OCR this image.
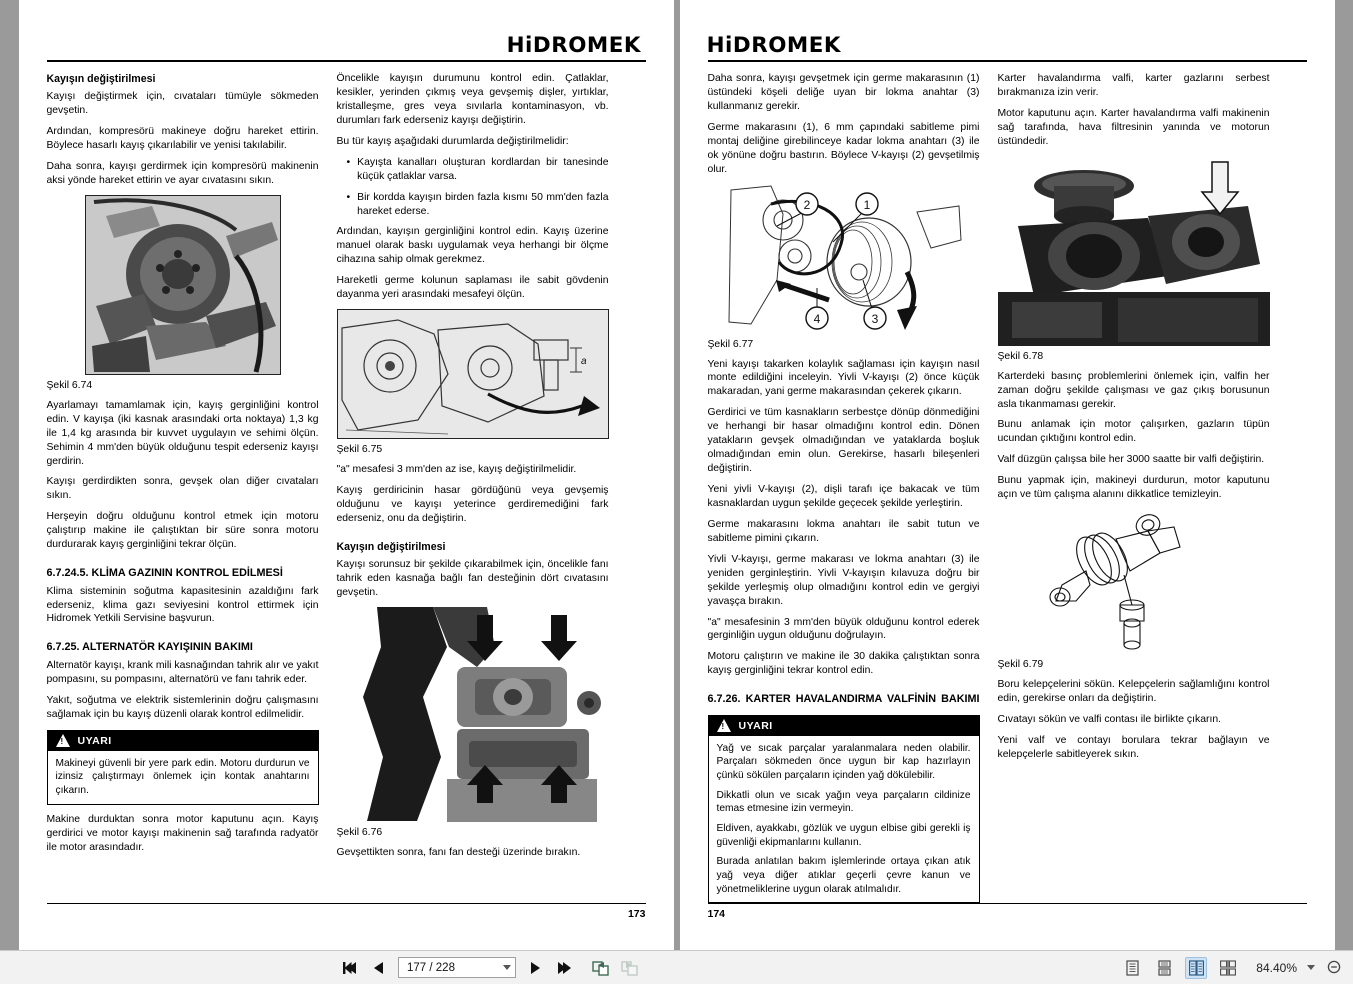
HiDROMEK
Kayışın değiştirilmesi

Kayışı değiştirmek için, cıvataları tümüyle sökmeden gevşetin.

Ardından, kompresörü makineye doğru hareket ettirin. Böylece hasarlı kayış çıkarılabilir ve yenisi takılabilir.

Daha sonra, kayışı gerdirmek için kompresörü makinenin aksi yönde hareket ettirin ve ayar cıvatasını sıkın.

Şekil 6.74

Ayarlamayı tamamlamak için, kayış gerginliğini kontrol edin. V kayışa (iki kasnak arasındaki orta noktaya) 1,3 kg ile 1,4 kg arasında bir kuvvet uygulayın ve sehimi ölçün. Sehimin 4 mm'den büyük olduğunu tespit ederseniz kayışı gerdirin.

Kayışı gerdirdikten sonra, gevşek olan diğer cıvataları sıkın.

Herşeyin doğru olduğunu kontrol etmek için motoru çalıştırıp makine ile çalıştıktan bir süre sonra motoru durdurarak kayış gerginliğini tekrar ölçün.

6.7.24.5. KLİMA GAZININ KONTROL EDİLMESİ

Klima sisteminin soğutma kapasitesinin azaldığını fark ederseniz, klima gazı seviyesini kontrol ettirmek için Hidromek Yetkili Servisine başvurun.

6.7.25. ALTERNATÖR KAYIŞININ BAKIMI

Alternatör kayışı, krank mili kasnağından tahrik alır ve yakıt pompasını, su pompasını, alternatörü ve fanı tahrik eder.

Yakıt, soğutma ve elektrik sistemlerinin doğru çalışmasını sağlamak için bu kayış düzenli olarak kontrol edilmelidir.

!
UYARI

Makineyi güvenli bir yere park edin. Motoru durdurun ve izinsiz çalıştırmayı önlemek için kontak anahtarını çıkarın.

Makine durduktan sonra motor kaputunu açın. Kayış gerdirici ve motor kayışı makinenin sağ tarafında radyatör ile motor arasındadır.

Öncelikle kayışın durumunu kontrol edin. Çatlaklar, kesikler, yerinden çıkmış veya gevşemiş dişler, yırtıklar, kristalleşme, gres veya sıvılarla kontaminasyon, vb. durumları fark ederseniz kayışı değiştirin.

Bu tür kayış aşağıdaki durumlarda değiştirilmelidir:

• Kayışta kanalları oluşturan kordlardan bir tanesinde küçük çatlaklar varsa.

• Bir kordda kayışın birden fazla kısmı 50 mm'den fazla hareket ederse.

Ardından, kayışın gerginliğini kontrol edin. Kayış üzerine manuel olarak baskı uygulamak veya herhangi bir ölçme cihazına sahip olmak gerekmez.

Hareketli germe kolunun saplaması ile sabit gövdenin dayanma yeri arasındaki mesafeyi ölçün.

a
Şekil 6.75

"a" mesafesi 3 mm'den az ise, kayış değiştirilmelidir.

Kayış gerdiricinin hasar gördüğünü veya gevşemiş olduğunu ve kayışı yeterince gerdiremediğini fark ederseniz, onu da değiştirin.

Kayışın değiştirilmesi

Kayışı sorunsuz bir şekilde çıkarabilmek için, öncelikle fanı tahrik eden kasnağa bağlı fan desteğinin dört cıvatasını gevşetin.

Şekil 6.76

Gevşettikten sonra, fanı fan desteği üzerinde bırakın.

173
HiDROMEK

Daha sonra, kayışı gevşetmek için germe makarasının (1) üstündeki köşeli deliğe uyan bir lokma anahtar (3) kullanmanız gerekir.

Germe makarasını (1), 6 mm çapındaki sabitleme pimi montaj deliğine girebilinceye kadar lokma anahtarı (3) ile ok yönüne doğru bastırın. Böylece V-kayışı (2) gevşetilmiş olur.

2	1
4	3
Şekil 6.77

Yeni kayışı takarken kolaylık sağlaması için kayışın nasıl monte edildiğini inceleyin. Yivli V-kayışı (2) önce küçük makaradan, yani germe makarasından çekerek çıkarın.

Gerdirici ve tüm kasnakların serbestçe dönüp dönmediğini ve herhangi bir hasar olmadığını kontrol edin. Dönen yatakların gevşek olmadığından ve yataklarda boşluk olmadığından emin olun. Gerekirse, hasarlı bileşenleri değiştirin.

Yeni yivli V-kayışı (2), dişli tarafı içe bakacak ve tüm kasnaklardan uygun şekilde geçecek şekilde yerleştirin.

Germe makarasını lokma anahtarı ile sabit tutun ve sabitleme pimini çıkarın.

Yivli V-kayışı, germe makarası ve lokma anahtarı (3) ile yeniden gerginleştirin. Yivli V-kayışın kılavuza doğru bir şekilde yerleşmiş olup olmadığını kontrol edin ve gergiyi yavaşça bırakın.

"a" mesafesinin 3 mm'den büyük olduğunu kontrol ederek gerginliğin uygun olduğunu doğrulayın.

Motoru çalıştırın ve makine ile 30 dakika çalıştıktan sonra kayış gerginliğini tekrar kontrol edin.

6.7.26. KARTER HAVALANDIRMA VALFİNİN BAKIMI
!
UYARI

Yağ ve sıcak parçalar yaralanmalara neden olabilir. Parçaları sökmeden önce uygun bir kap hazırlayın çünkü sökülen parçaların içinden yağ dökülebilir.

Dikkatli olun ve sıcak yağın veya parçaların cildinize temas etmesine izin vermeyin.

Eldiven, ayakkabı, gözlük ve uygun elbise gibi gerekli iş güvenliği ekipmanlarını kullanın.

Burada anlatılan bakım işlemlerinde ortaya çıkan atık yağ veya diğer atıklar geçerli çevre kanun ve yönetmeliklerine uygun olarak atılmalıdır.

Karter havalandırma valfi, karter gazlarını serbest bırakmanıza izin verir.

Motor kaputunu açın. Karter havalandırma valfi makinenin sağ tarafında, hava filtresinin yanında ve motorun üstündedir.

Şekil 6.78

Karterdeki basınç problemlerini önlemek için, valfin her zaman doğru şekilde çalışması ve gaz çıkış borusunun asla tıkanmaması gerekir.

Bunu anlamak için motor çalışırken, gazların tüpün ucundan çıktığını kontrol edin.

Valf düzgün çalışsa bile her 3000 saatte bir valfi değiştirin.

Bunu yapmak için, makineyi durdurun, motor kaputunu açın ve tüm çalışma alanını dikkatlice temizleyin.

Şekil 6.79

Boru kelepçelerini sökün. Kelepçelerin sağlamlığını kontrol edin, gerekirse onları da değiştirin.

Cıvatayı sökün ve valfi contası ile birlikte çıkarın.

Yeni valf ve contayı borulara tekrar bağlayın ve kelepçelerle sabitleyerek sıkın.

174
177 / 228	84.40%
